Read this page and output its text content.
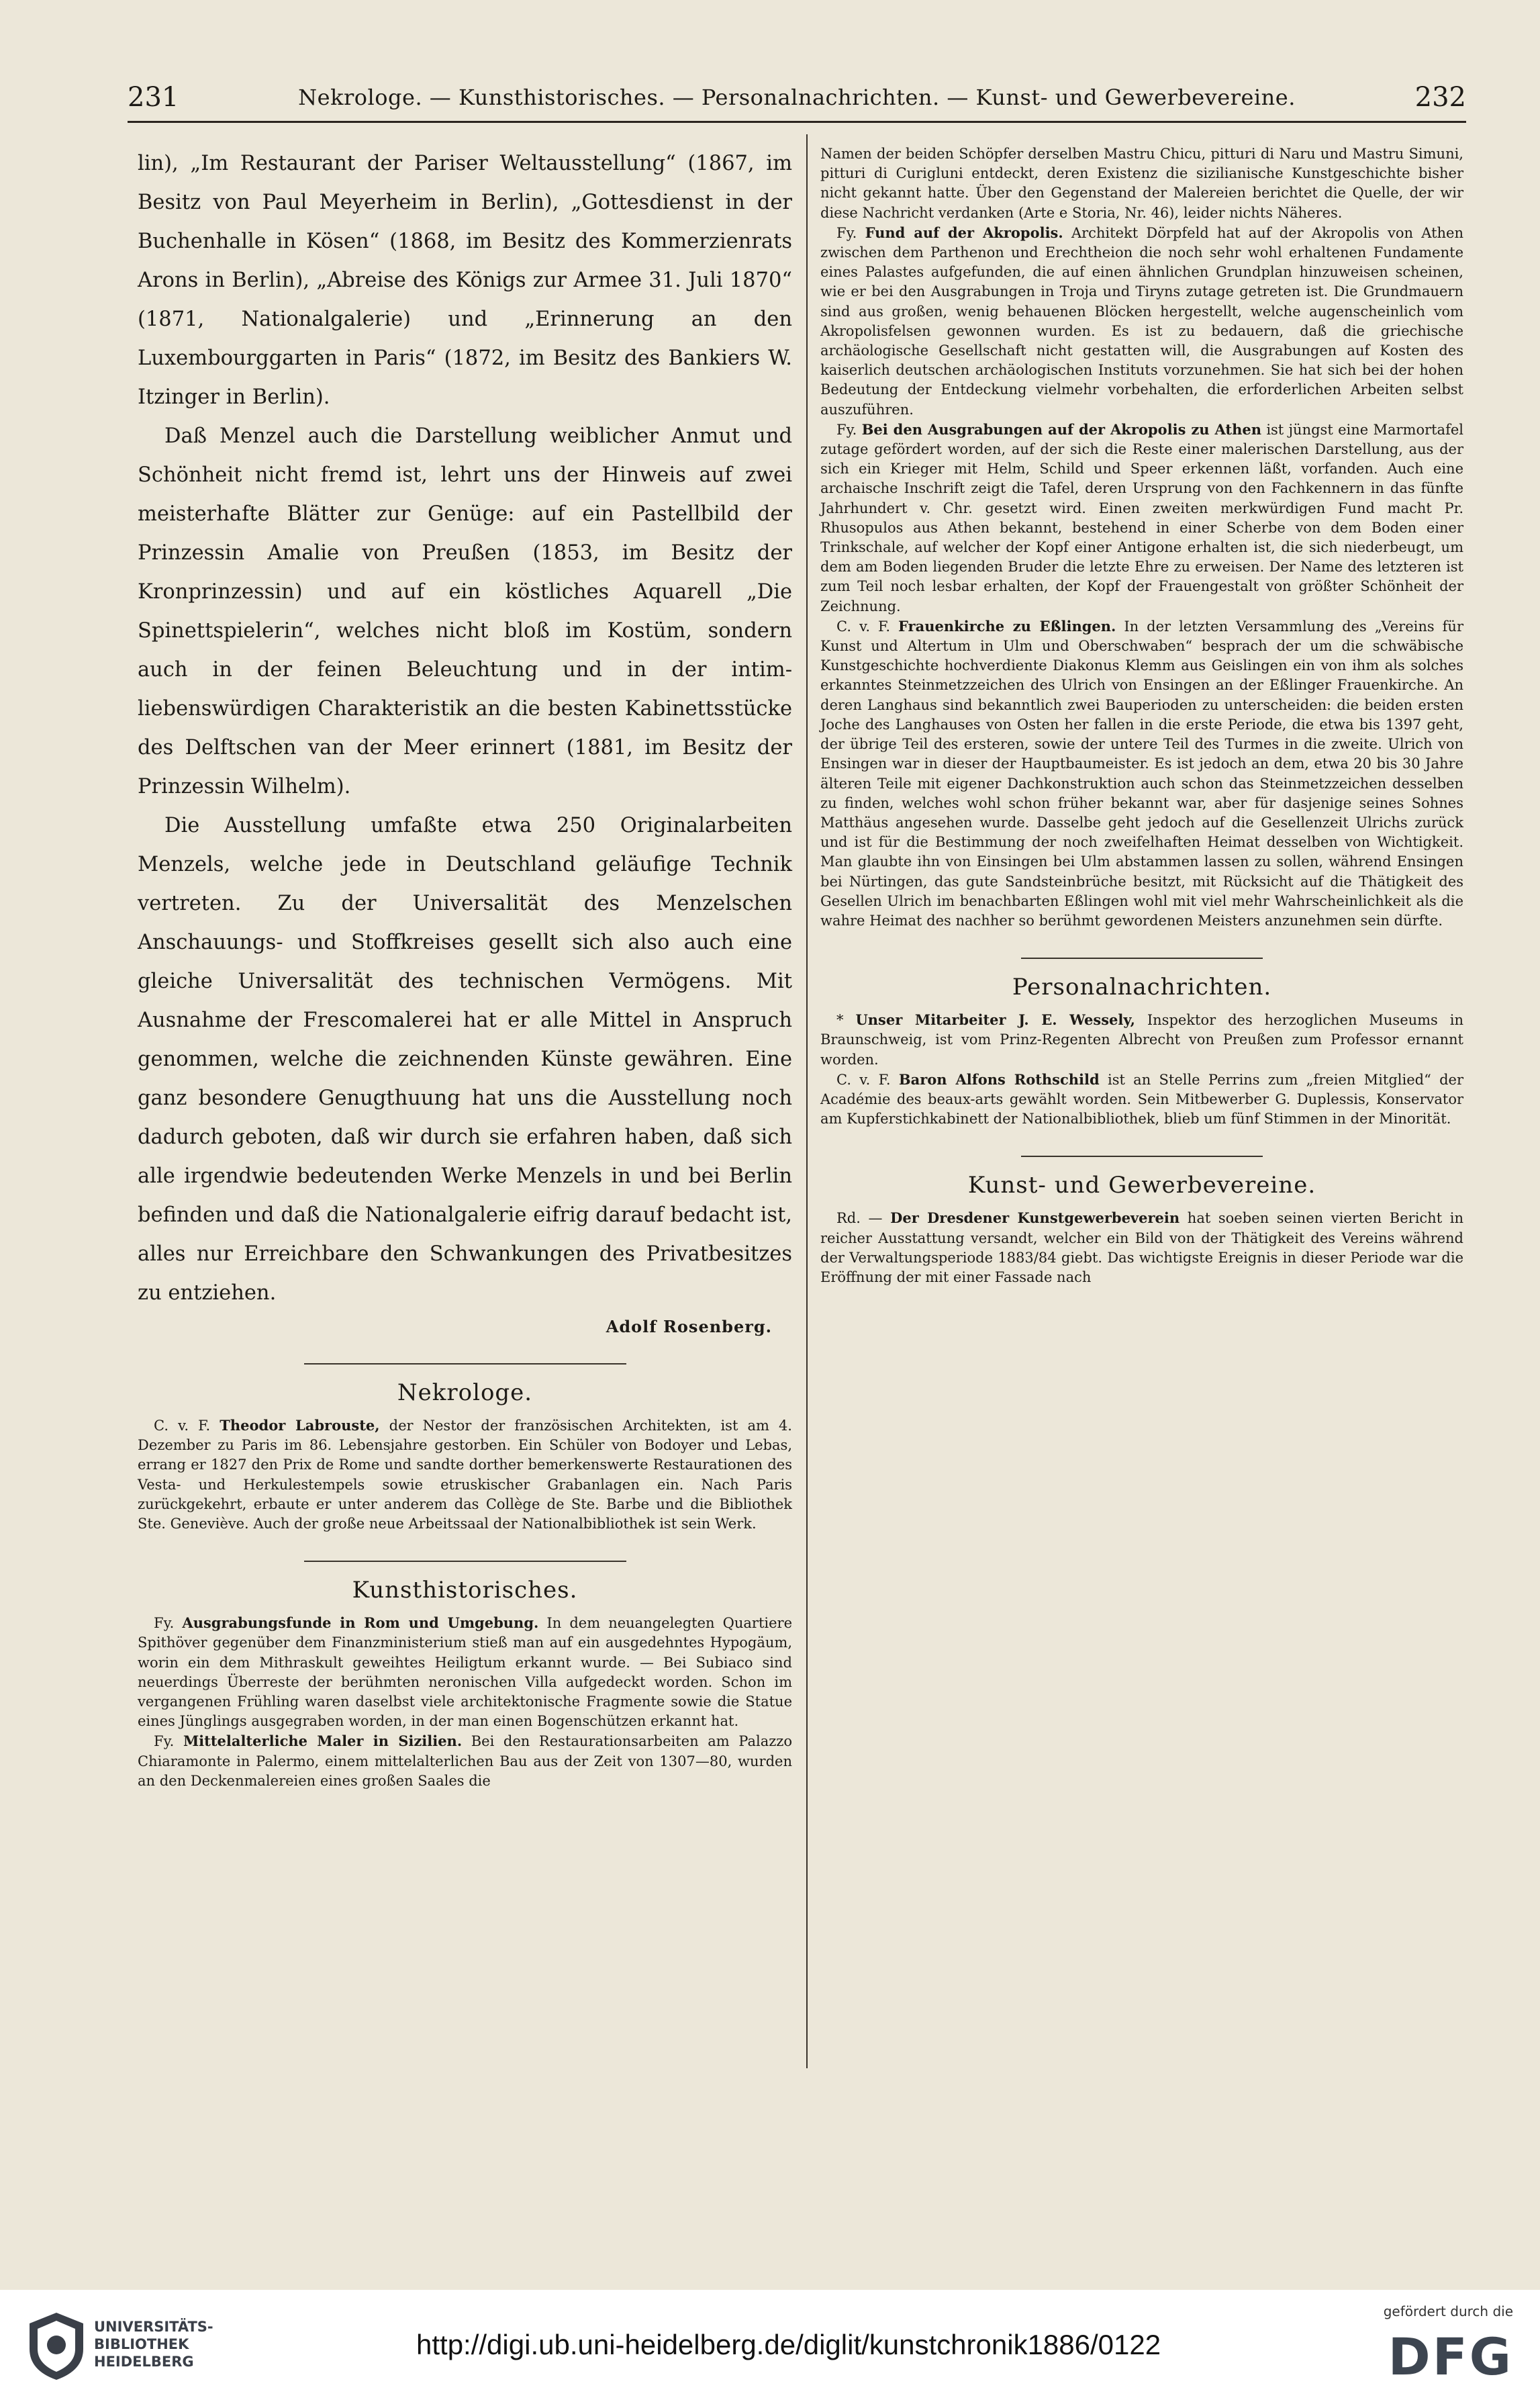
231	Nekrologe. — Kunsthistorisches. — Personalnachrichten. — Kunst- und Gewerbevereine.	232

lin), „Im Restaurant der Pariser Weltausstellung“ (1867, im Besitz von Paul Meyerheim in Berlin), „Gottesdienst in der Buchenhalle in Kösen“ (1868, im Besitz des Kommerzienrats Arons in Berlin), „Abreise des Königs zur Armee 31. Juli 1870“ (1871, Nationalgalerie) und „Erinnerung an den Luxembourggarten in Paris“ (1872, im Besitz des Bankiers W. Itzinger in Berlin).

Daß Menzel auch die Darstellung weiblicher Anmut und Schönheit nicht fremd ist, lehrt uns der Hinweis auf zwei meisterhafte Blätter zur Genüge: auf ein Pastellbild der Prinzessin Amalie von Preußen (1853, im Besitz der Kronprinzessin) und auf ein köstliches Aquarell „Die Spinettspielerin“, welches nicht bloß im Kostüm, sondern auch in der feinen Beleuchtung und in der intim-liebenswürdigen Charakteristik an die besten Kabinettsstücke des Delftschen van der Meer erinnert (1881, im Besitz der Prinzessin Wilhelm).

Die Ausstellung umfaßte etwa 250 Originalarbeiten Menzels, welche jede in Deutschland geläufige Technik vertreten. Zu der Universalität des Menzelschen Anschauungs- und Stoffkreises gesellt sich also auch eine gleiche Universalität des technischen Vermögens. Mit Ausnahme der Frescomalerei hat er alle Mittel in Anspruch genommen, welche die zeichnenden Künste gewähren. Eine ganz besondere Genugthuung hat uns die Ausstellung noch dadurch geboten, daß wir durch sie erfahren haben, daß sich alle irgendwie bedeutenden Werke Menzels in und bei Berlin befinden und daß die Nationalgalerie eifrig darauf bedacht ist, alles nur Erreichbare den Schwankungen des Privatbesitzes zu entziehen.

Adolf Rosenberg.
Nekrologe.

C. v. F. Theodor Labrouste, der Nestor der französischen Architekten, ist am 4. Dezember zu Paris im 86. Lebensjahre gestorben. Ein Schüler von Bodoyer und Lebas, errang er 1827 den Prix de Rome und sandte dorther bemerkenswerte Restaurationen des Vesta- und Herkulestempels sowie etruskischer Grabanlagen ein. Nach Paris zurückgekehrt, erbaute er unter anderem das Collège de Ste. Barbe und die Bibliothek Ste. Geneviève. Auch der große neue Arbeitssaal der Nationalbibliothek ist sein Werk.

Kunsthistorisches.

Fy. Ausgrabungsfunde in Rom und Umgebung. In dem neuangelegten Quartiere Spithöver gegenüber dem Finanzministerium stieß man auf ein ausgedehntes Hypogäum, worin ein dem Mithraskult geweihtes Heiligtum erkannt wurde. — Bei Subiaco sind neuerdings Überreste der berühmten neronischen Villa aufgedeckt worden. Schon im vergangenen Frühling waren daselbst viele architektonische Fragmente sowie die Statue eines Jünglings ausgegraben worden, in der man einen Bogenschützen erkannt hat.

Fy. Mittelalterliche Maler in Sizilien. Bei den Restaurationsarbeiten am Palazzo Chiaramonte in Palermo, einem mittelalterlichen Bau aus der Zeit von 1307—80, wurden an den Deckenmalereien eines großen Saales die

Namen der beiden Schöpfer derselben Mastru Chicu, pitturi di Naru und Mastru Simuni, pitturi di Curigluni entdeckt, deren Existenz die sizilianische Kunstgeschichte bisher nicht gekannt hatte. Über den Gegenstand der Malereien berichtet die Quelle, der wir diese Nachricht verdanken (Arte e Storia, Nr. 46), leider nichts Näheres.

Fy. Fund auf der Akropolis. Architekt Dörpfeld hat auf der Akropolis von Athen zwischen dem Parthenon und Erechtheion die noch sehr wohl erhaltenen Fundamente eines Palastes aufgefunden, die auf einen ähnlichen Grundplan hinzuweisen scheinen, wie er bei den Ausgrabungen in Troja und Tiryns zutage getreten ist. Die Grundmauern sind aus großen, wenig behauenen Blöcken hergestellt, welche augenscheinlich vom Akropolisfelsen gewonnen wurden. Es ist zu bedauern, daß die griechische archäologische Gesellschaft nicht gestatten will, die Ausgrabungen auf Kosten des kaiserlich deutschen archäologischen Instituts vorzunehmen. Sie hat sich bei der hohen Bedeutung der Entdeckung vielmehr vorbehalten, die erforderlichen Arbeiten selbst auszuführen.

Fy. Bei den Ausgrabungen auf der Akropolis zu Athen ist jüngst eine Marmortafel zutage gefördert worden, auf der sich die Reste einer malerischen Darstellung, aus der sich ein Krieger mit Helm, Schild und Speer erkennen läßt, vorfanden. Auch eine archaische Inschrift zeigt die Tafel, deren Ursprung von den Fachkennern in das fünfte Jahrhundert v. Chr. gesetzt wird. Einen zweiten merkwürdigen Fund macht Pr. Rhusopulos aus Athen bekannt, bestehend in einer Scherbe von dem Boden einer Trinkschale, auf welcher der Kopf einer Antigone erhalten ist, die sich niederbeugt, um dem am Boden liegenden Bruder die letzte Ehre zu erweisen. Der Name des letzteren ist zum Teil noch lesbar erhalten, der Kopf der Frauengestalt von größter Schönheit der Zeichnung.

C. v. F. Frauenkirche zu Eßlingen. In der letzten Versammlung des „Vereins für Kunst und Altertum in Ulm und Oberschwaben“ besprach der um die schwäbische Kunstgeschichte hochverdiente Diakonus Klemm aus Geislingen ein von ihm als solches erkanntes Steinmetzzeichen des Ulrich von Ensingen an der Eßlinger Frauenkirche. An deren Langhaus sind bekanntlich zwei Bauperioden zu unterscheiden: die beiden ersten Joche des Langhauses von Osten her fallen in die erste Periode, die etwa bis 1397 geht, der übrige Teil des ersteren, sowie der untere Teil des Turmes in die zweite. Ulrich von Ensingen war in dieser der Hauptbaumeister. Es ist jedoch an dem, etwa 20 bis 30 Jahre älteren Teile mit eigener Dachkonstruktion auch schon das Steinmetzzeichen desselben zu finden, welches wohl schon früher bekannt war, aber für dasjenige seines Sohnes Matthäus angesehen wurde. Dasselbe geht jedoch auf die Gesellenzeit Ulrichs zurück und ist für die Bestimmung der noch zweifelhaften Heimat desselben von Wichtigkeit. Man glaubte ihn von Einsingen bei Ulm abstammen lassen zu sollen, während Ensingen bei Nürtingen, das gute Sandsteinbrüche besitzt, mit Rücksicht auf die Thätigkeit des Gesellen Ulrich im benachbarten Eßlingen wohl mit viel mehr Wahrscheinlichkeit als die wahre Heimat des nachher so berühmt gewordenen Meisters anzunehmen sein dürfte.

Personalnachrichten.

* Unser Mitarbeiter J. E. Wessely, Inspektor des herzoglichen Museums in Braunschweig, ist vom Prinz-Regenten Albrecht von Preußen zum Professor ernannt worden.

C. v. F. Baron Alfons Rothschild ist an Stelle Perrins zum „freien Mitglied“ der Académie des beaux-arts gewählt worden. Sein Mitbewerber G. Duplessis, Konservator am Kupferstichkabinett der Nationalbibliothek, blieb um fünf Stimmen in der Minorität.

Kunst- und Gewerbevereine.

Rd. — Der Dresdener Kunstgewerbeverein hat soeben seinen vierten Bericht in reicher Ausstattung versandt, welcher ein Bild von der Thätigkeit des Vereins während der Verwaltungsperiode 1883/84 giebt. Das wichtigste Ereignis in dieser Periode war die Eröffnung der mit einer Fassade nach

UNIVERSITÄTS-
BIBLIOTHEK
HEIDELBERG
http://digi.ub.uni-heidelberg.de/diglit/kunstchronik1886/0122
gefördert durch die
DFG
